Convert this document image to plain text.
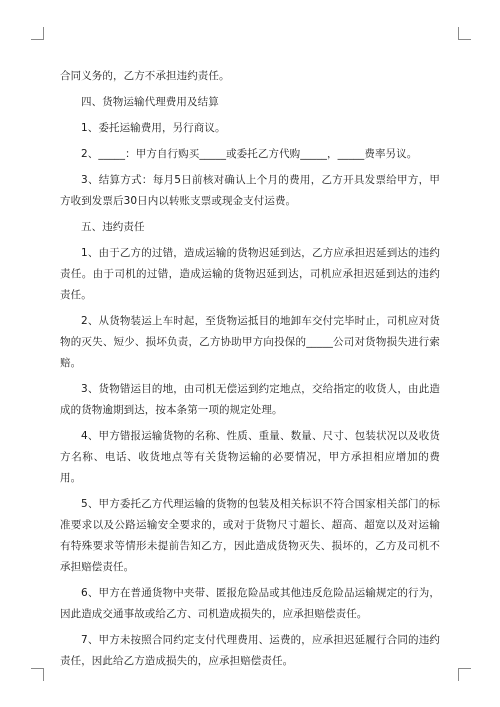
合同义务的，乙方不承担违约责任。

四、货物运输代理费用及结算

1、委托运输费用，另行商议。

2、_____：甲方自行购买_____或委托乙方代购_____，_____费率另议。

3、结算方式：每月5日前核对确认上个月的费用，乙方开具发票给甲方，甲方收到发票后30日内以转账支票或现金支付运费。

五、违约责任

1、由于乙方的过错，造成运输的货物迟延到达，乙方应承担迟延到达的违约责任。由于司机的过错，造成运输的货物迟延到达，司机应承担迟延到达的违约责任。

2、从货物装运上车时起，至货物运抵目的地卸车交付完毕时止，司机应对货物的灭失、短少、损坏负责，乙方协助甲方向投保的_____公司对货物损失进行索赔。

3、货物错运目的地，由司机无偿运到约定地点，交给指定的收货人，由此造成的货物逾期到达，按本条第一项的规定处理。

4、甲方错报运输货物的名称、性质、重量、数量、尺寸、包装状况以及收货方名称、电话、收货地点等有关货物运输的必要情况，甲方承担相应增加的费用。

5、甲方委托乙方代理运输的货物的包装及相关标识不符合国家相关部门的标准要求以及公路运输安全要求的，或对于货物尺寸超长、超高、超宽以及对运输有特殊要求等情形未提前告知乙方，因此造成货物灭失、损坏的，乙方及司机不承担赔偿责任。

6、甲方在普通货物中夹带、匿报危险品或其他违反危险品运输规定的行为，因此造成交通事故或给乙方、司机造成损失的，应承担赔偿责任。

7、甲方未按照合同约定支付代理费用、运费的，应承担迟延履行合同的违约责任，因此给乙方造成损失的，应承担赔偿责任。
